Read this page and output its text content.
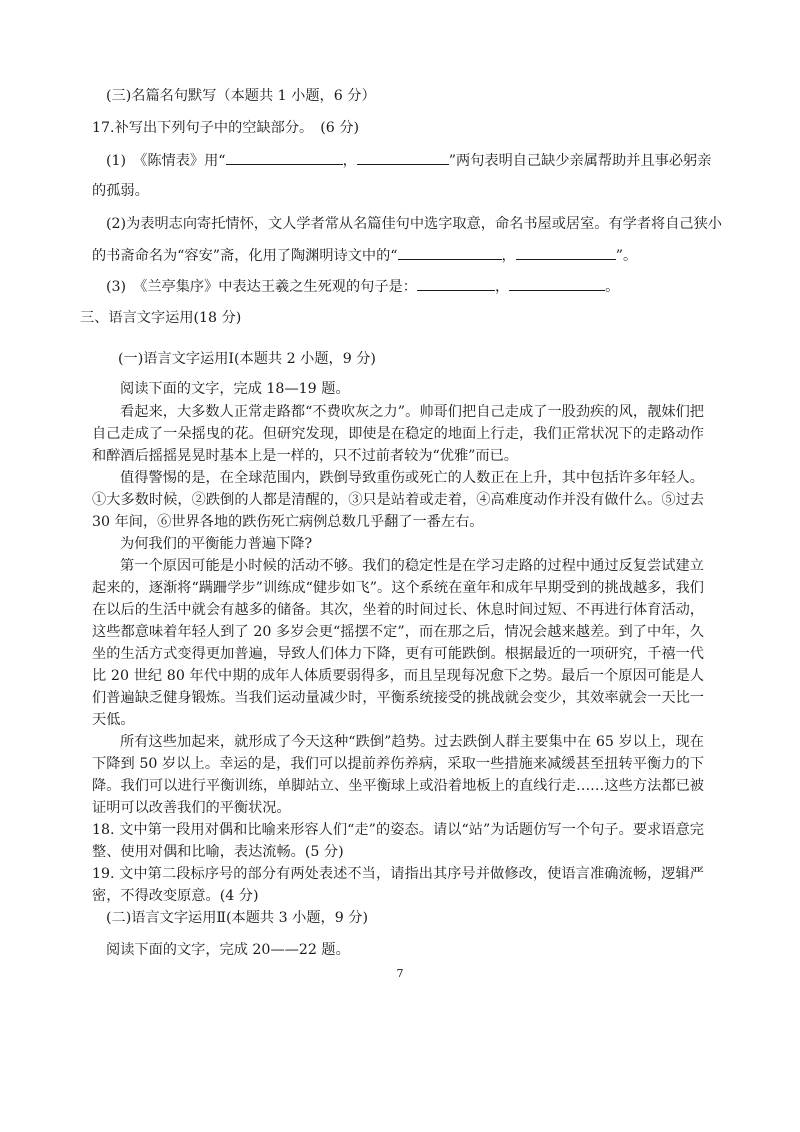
(三)名篇名句默写（本题共 1 小题，6 分）
17.补写出下列句子中的空缺部分。　(6 分)
(1)　《陈情表》用“	，	”两句表明自己缺少亲属帮助并且事必躬亲
的孤弱。
(2)为表明志向寄托情怀，文人学者常从名篇佳句中选字取意，命名书屋或居室。有学者将自己狭小
的书斋命名为“容安”斋，化用了陶渊明诗文中的“	，	”。
(3)　《兰亭集序》中表达王羲之生死观的句子是：	，	。
三、语言文字运用(18 分)
(一)语言文字运用Ⅰ(本题共 2 小题，9 分)
阅读下面的文字，完成 18—19 题。

看起来，大多数人正常走路都“不费吹灰之力”。帅哥们把自己走成了一股劲疾的风，靓妹们把自己走成了一朵摇曳的花。但研究发现，即使是在稳定的地面上行走，我们正常状况下的走路动作和醉酒后摇摇晃晃时基本上是一样的，只不过前者较为“优雅”而已。

值得警惕的是，在全球范围内，跌倒导致重伤或死亡的人数正在上升，其中包括许多年轻人。①大多数时候，②跌倒的人都是清醒的，③只是站着或走着，④高难度动作并没有做什么。⑤过去 30 年间，⑥世界各地的跌伤死亡病例总数几乎翻了一番左右。

为何我们的平衡能力普遍下降?

第一个原因可能是小时候的活动不够。我们的稳定性是在学习走路的过程中通过反复尝试建立起来的，逐渐将“蹒跚学步”训练成“健步如飞”。这个系统在童年和成年早期受到的挑战越多，我们在以后的生活中就会有越多的储备。其次，坐着的时间过长、休息时间过短、不再进行体育活动，这些都意味着年轻人到了 20 多岁会更“摇摆不定”，而在那之后，情况会越来越差。到了中年，久坐的生活方式变得更加普遍，导致人们体力下降，更有可能跌倒。根据最近的一项研究，千禧一代比 20 世纪 80 年代中期的成年人体质要弱得多，而且呈现每况愈下之势。最后一个原因可能是人们普遍缺乏健身锻炼。当我们运动量减少时，平衡系统接受的挑战就会变少，其效率就会一天比一天低。

所有这些加起来，就形成了今天这种“跌倒”趋势。过去跌倒人群主要集中在 65 岁以上，现在下降到 50 岁以上。幸运的是，我们可以提前养伤养病，采取一些措施来减缓甚至扭转平衡力的下降。我们可以进行平衡训练，单脚站立、坐平衡球上或沿着地板上的直线行走……这些方法都已被证明可以改善我们的平衡状况。

18. 文中第一段用对偶和比喻来形容人们“走”的姿态。请以“站”为话题仿写一个句子。要求语意完整、使用对偶和比喻，表达流畅。(5 分)

19. 文中第二段标序号的部分有两处表述不当，请指出其序号并做修改，使语言准确流畅，逻辑严密，不得改变原意。(4 分)

(二)语言文字运用Ⅱ(本题共 3 小题，9 分)
阅读下面的文字，完成 20——22 题。
7
